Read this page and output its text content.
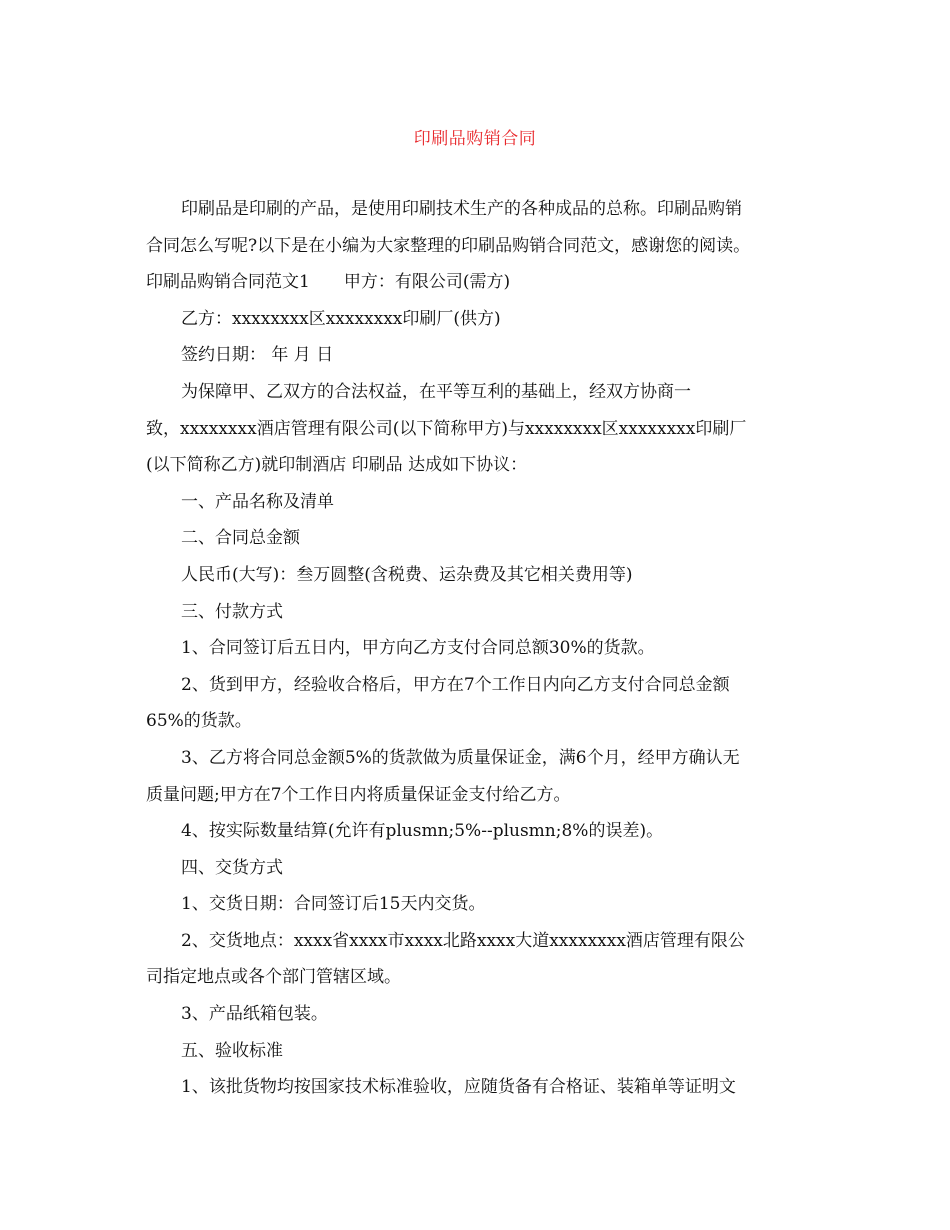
印刷品购销合同
印刷品是印刷的产品，是使用印刷技术生产的各种成品的总称。印刷品购销
合同怎么写呢?以下是在小编为大家整理的印刷品购销合同范文，感谢您的阅读。
印刷品购销合同范文1　　甲方：有限公司(需方)
乙方：xxxxxxxx区xxxxxxxx印刷厂(供方)
签约日期： 年 月 日
为保障甲、乙双方的合法权益，在平等互利的基础上，经双方协商一
致，xxxxxxxx酒店管理有限公司(以下简称甲方)与xxxxxxxx区xxxxxxxx印刷厂
(以下简称乙方)就印制酒店 印刷品 达成如下协议：
一、产品名称及清单
二、合同总金额
人民币(大写)：叁万圆整(含税费、运杂费及其它相关费用等)
三、付款方式
1、合同签订后五日内，甲方向乙方支付合同总额30%的货款。
2、货到甲方，经验收合格后，甲方在7个工作日内向乙方支付合同总金额
65%的货款。
3、乙方将合同总金额5%的货款做为质量保证金，满6个月，经甲方确认无
质量问题;甲方在7个工作日内将质量保证金支付给乙方。
4、按实际数量结算(允许有plusmn;5%--plusmn;8%的误差)。
四、交货方式
1、交货日期：合同签订后15天内交货。
2、交货地点：xxxx省xxxx市xxxx北路xxxx大道xxxxxxxx酒店管理有限公
司指定地点或各个部门管辖区域。
3、产品纸箱包装。
五、验收标准
1、该批货物均按国家技术标准验收，应随货备有合格证、装箱单等证明文
